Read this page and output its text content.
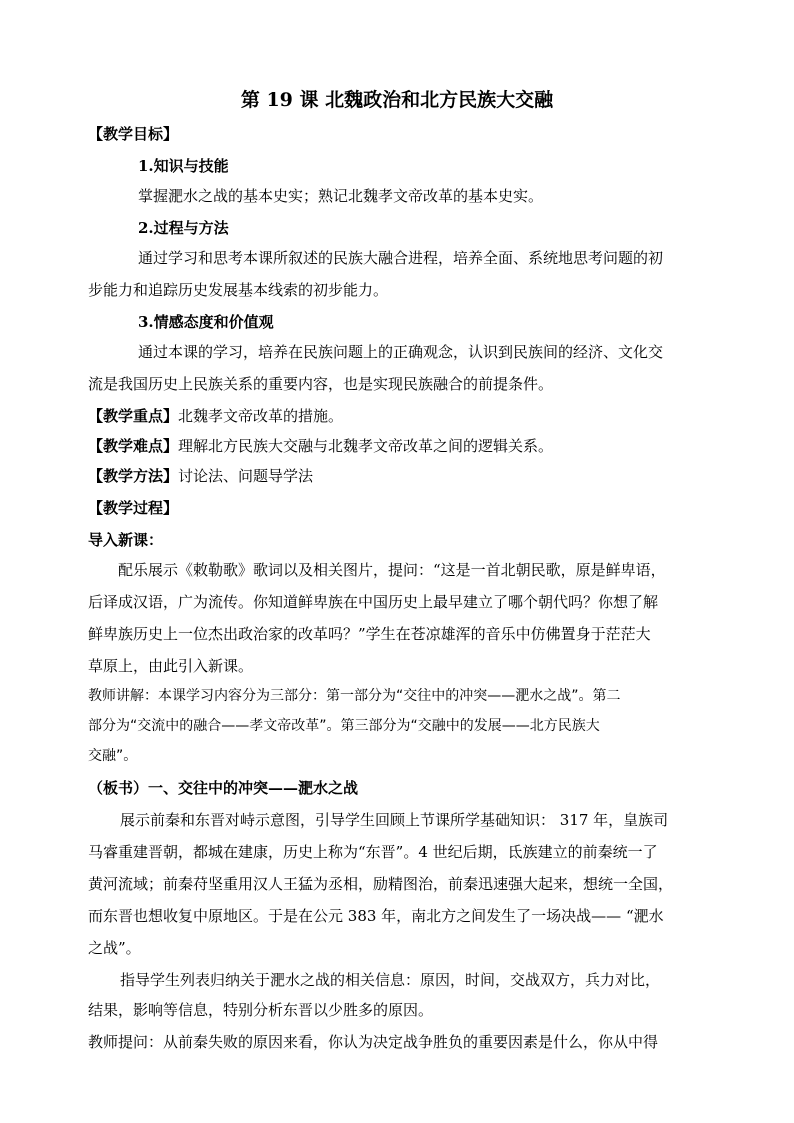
第 19 课 北魏政治和北方民族大交融
【教学目标】
1.知识与技能
掌握淝水之战的基本史实；熟记北魏孝文帝改革的基本史实。
2.过程与方法
通过学习和思考本课所叙述的民族大融合进程，培养全面、系统地思考问题的初
步能力和追踪历史发展基本线索的初步能力。
3.情感态度和价值观
通过本课的学习，培养在民族问题上的正确观念，认识到民族间的经济、文化交
流是我国历史上民族关系的重要内容，也是实现民族融合的前提条件。
【教学重点】北魏孝文帝改革的措施。
【教学难点】理解北方民族大交融与北魏孝文帝改革之间的逻辑关系。
【教学方法】讨论法、问题导学法
【教学过程】
导入新课：
配乐展示《敕勒歌》歌词以及相关图片，提问：“这是一首北朝民歌，原是鲜卑语，
后译成汉语，广为流传。你知道鲜卑族在中国历史上最早建立了哪个朝代吗？你想了解
鲜卑族历史上一位杰出政治家的改革吗？”学生在苍凉雄浑的音乐中仿佛置身于茫茫大
草原上，由此引入新课。
教师讲解：本课学习内容分为三部分：第一部分为“交往中的冲突——淝水之战”。第二
部分为“交流中的融合——孝文帝改革”。第三部分为“交融中的发展——北方民族大
交融”。
（板书）一、交往中的冲突——淝水之战
展示前秦和东晋对峙示意图，引导学生回顾上节课所学基础知识： 317 年，皇族司
马睿重建晋朝，都城在建康，历史上称为“东晋”。4 世纪后期，氐族建立的前秦统一了
黄河流域；前秦苻坚重用汉人王猛为丞相，励精图治，前秦迅速强大起来，想统一全国，
而东晋也想收复中原地区。于是在公元 383 年，南北方之间发生了一场决战—— “淝水
之战”。
指导学生列表归纳关于淝水之战的相关信息：原因，时间，交战双方，兵力对比，
结果，影响等信息，特别分析东晋以少胜多的原因。
教师提问：从前秦失败的原因来看，你认为决定战争胜负的重要因素是什么，你从中得
